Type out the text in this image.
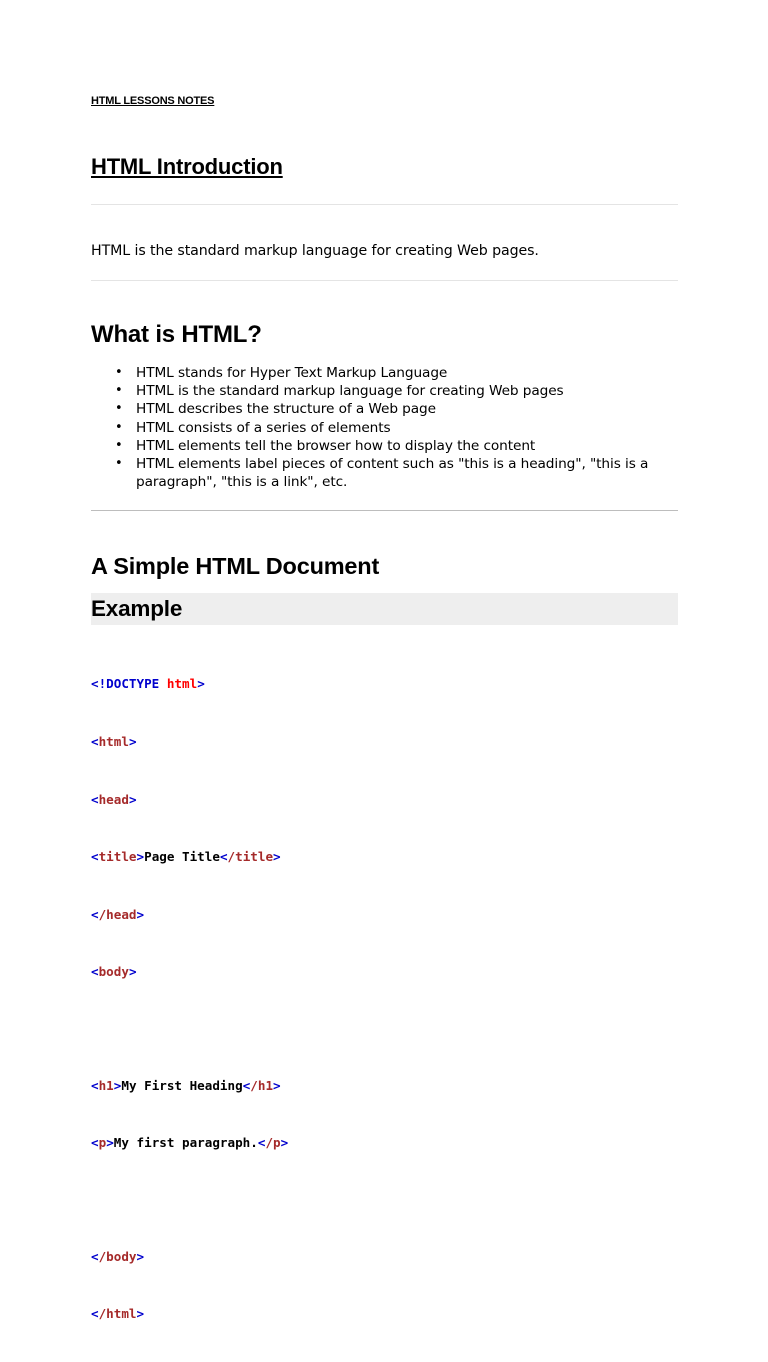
HTML LESSONS NOTES
HTML Introduction

HTML is the standard markup language for creating Web pages.

What is HTML?
• HTML stands for Hyper Text Markup Language
• HTML is the standard markup language for creating Web pages
• HTML describes the structure of a Web page
• HTML consists of a series of elements
• HTML elements tell the browser how to display the content
• HTML elements label pieces of content such as "this is a heading", "this is a paragraph", "this is a link", etc.
A Simple HTML Document
Example

<!DOCTYPE html>

<html>

<head>

<title>Page Title</title>

</head>

<body>

<h1>My First Heading</h1>

<p>My first paragraph.</p>

</body>

</html>
